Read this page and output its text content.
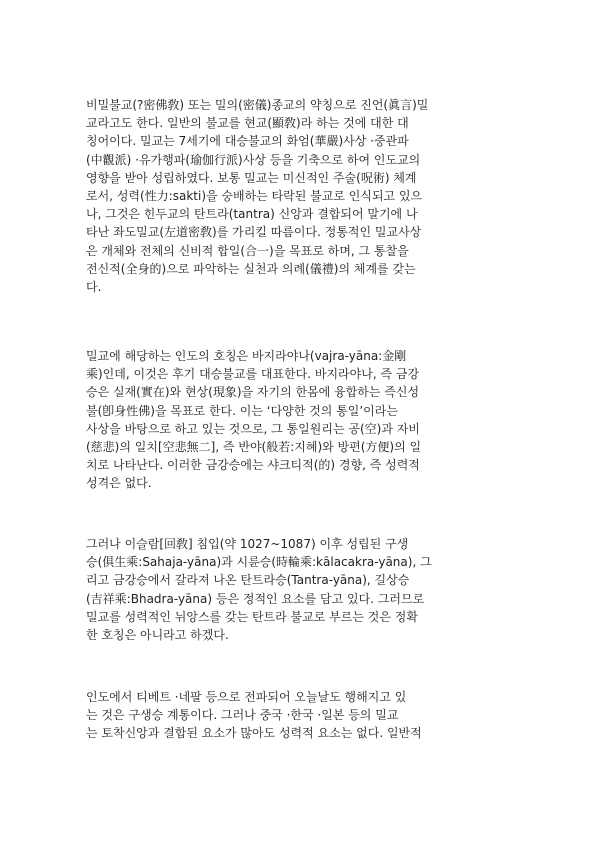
비밀불교(?密佛敎) 또는 밀의(密儀)종교의 약칭으로 진언(眞言)밀
교라고도 한다. 일반의 불교를 현교(顯敎)라 하는 것에 대한 대
칭어이다. 밀교는 7세기에 대승불교의 화엄(華嚴)사상 ·중관파
(中觀派) ·유가행파(瑜伽行派)사상 등을 기축으로 하여 인도교의
영향을 받아 성립하였다. 보통 밀교는 미신적인 주술(呪術) 체계
로서, 성력(性力:sakti)을 숭배하는 타락된 불교로 인식되고 있으
나, 그것은 힌두교의 탄트라(tantra) 신앙과 결합되어 말기에 나
타난 좌도밀교(左道密敎)를 가리킬 따름이다. 정통적인 밀교사상
은 개체와 전체의 신비적 합일(合一)을 목표로 하며, 그 통찰을
전신적(全身的)으로 파악하는 실천과 의례(儀禮)의 체계를 갖는
다.

밀교에 해당하는 인도의 호칭은 바지라야나(vajra-yāna:金剛
乘)인데, 이것은 후기 대승불교를 대표한다. 바지라야나, 즉 금강
승은 실재(實在)와 현상(現象)을 자기의 한몸에 융합하는 즉신성
불(卽身性佛)을 목표로 한다. 이는 ‘다양한 것의 통일’이라는
사상을 바탕으로 하고 있는 것으로, 그 통일원리는 공(空)과 자비
(慈悲)의 일치[空悲無二], 즉 반야(般若:지혜)와 방편(方便)의 일
치로 나타난다. 이러한 금강승에는 샤크티적(的) 경향, 즉 성력적
성격은 없다.

그러나 이슬람[回敎] 침입(약 1027~1087) 이후 성립된 구생
승(俱生乘:Sahaja-yāna)과 시륜승(時輪乘:kālacakra-yāna), 그
리고 금강승에서 갈라져 나온 탄트라승(Tantra-yāna), 길상승
(吉祥乘:Bhadra-yāna) 등은 정적인 요소를 담고 있다. 그러므로
밀교를 성력적인 뉘앙스를 갖는 탄트라 불교로 부르는 것은 정확
한 호칭은 아니라고 하겠다.

인도에서 티베트 ·네팔 등으로 전파되어 오늘날도 행해지고 있
는 것은 구생승 계통이다. 그러나 중국 ·한국 ·일본 등의 밀교
는 토착신앙과 결합된 요소가 많아도 성력적 요소는 없다. 일반적
